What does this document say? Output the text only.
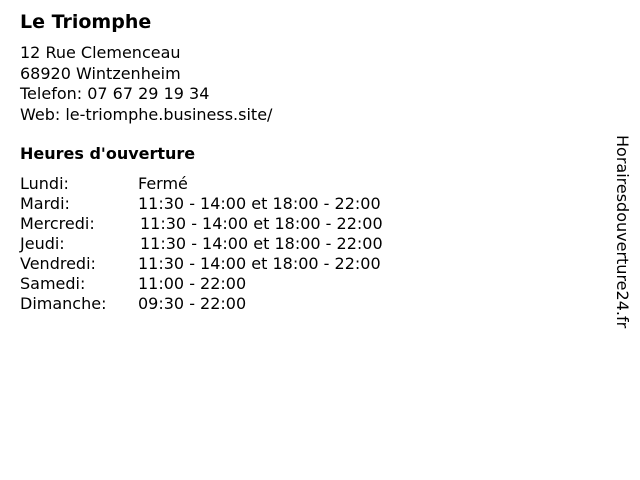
Le Triomphe
12 Rue Clemenceau
68920 Wintzenheim
Telefon: 07 67 29 19 34
Web: le-triomphe.business.site/
Heures d'ouverture
Lundi:	Fermé
Mardi:	11:30 - 14:00 et 18:00 - 22:00
Mercredi:	11:30 - 14:00 et 18:00 - 22:00
Jeudi:	11:30 - 14:00 et 18:00 - 22:00
Vendredi:	11:30 - 14:00 et 18:00 - 22:00
Samedi:	11:00 - 22:00
Dimanche: 09:30 - 22:00	Horairesdouverture24.fr
